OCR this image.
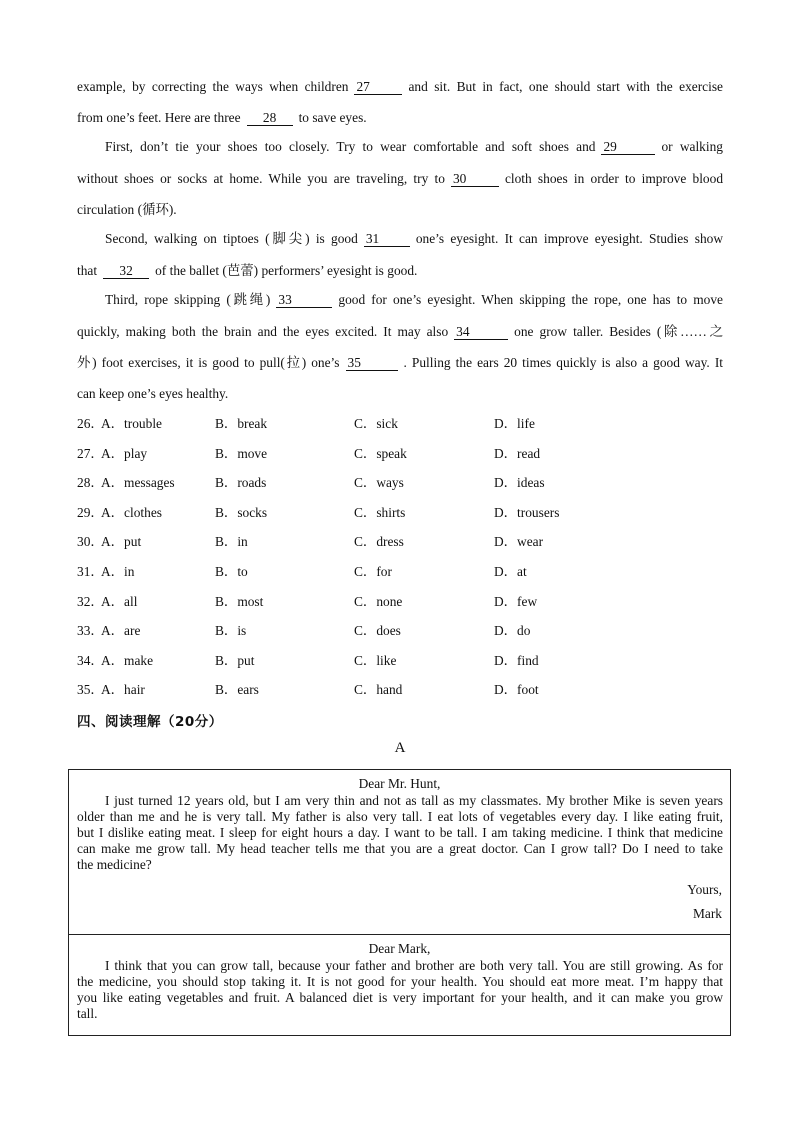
example, by correcting the ways when children 27	and sit. But in fact, one should start with the exercise
from one’s feet. Here are three 28 to save eyes.
First, don’t tie your shoes too closely. Try to wear comfortable and soft shoes and 29	or walking
without shoes or socks at home. While you are traveling, try to 30	cloth shoes in order to improve blood
circulation (循环).
Second, walking on tiptoes (脚尖) is good 31	one’s eyesight. It can improve eyesight. Studies show
that 32 of the ballet (芭蕾) performers’ eyesight is good.
Third, rope skipping (跳绳) 33	good for one’s eyesight. When skipping the rope, one has to move
quickly, making both the brain and the eyes excited. It may also 34	one grow taller. Besides (除……之
外) foot exercises, it is good to pull(拉) one’s 35	. Pulling the ears 20 times quickly is also a good way. It
can keep one’s eyes healthy.
26．
A．trouble	B．break	C．sick	D．life
27．
A．play	B．move	C．speak	D．read
28．
A．messages	B．roads	C．ways	D．ideas
29．
A．clothes	B．socks	C．shirts	D．trousers
30．
A．put	B．in	C．dress	D．wear
31．
A．in	B．to	C．for	D．at
32．
A．all	B．most	C．none	D．few
33．
A．are	B．is	C．does	D．do
34．
A．make	B．put	C．like	D．find
35．
A．hair	B．ears	C．hand	D．foot
四、阅读理解（20分）
A
Dear Mr. Hunt,
I just turned 12 years old, but I am very thin and not as tall as my classmates. My brother Mike is seven years
older than me and he is very tall. My father is also very tall. I eat lots of vegetables every day. I like eating fruit,
but I dislike eating meat. I sleep for eight hours a day. I want to be tall. I am taking medicine. I think that medicine
can make me grow tall. My head teacher tells me that you are a great doctor. Can I grow tall? Do I need to take
the medicine?
Yours,
Mark
Dear Mark,
I think that you can grow tall, because your father and brother are both very tall. You are still growing. As for
the medicine, you should stop taking it. It is not good for your health. You should eat more meat. I’m happy that
you like eating vegetables and fruit. A balanced diet is very important for your health, and it can make you grow
tall.
